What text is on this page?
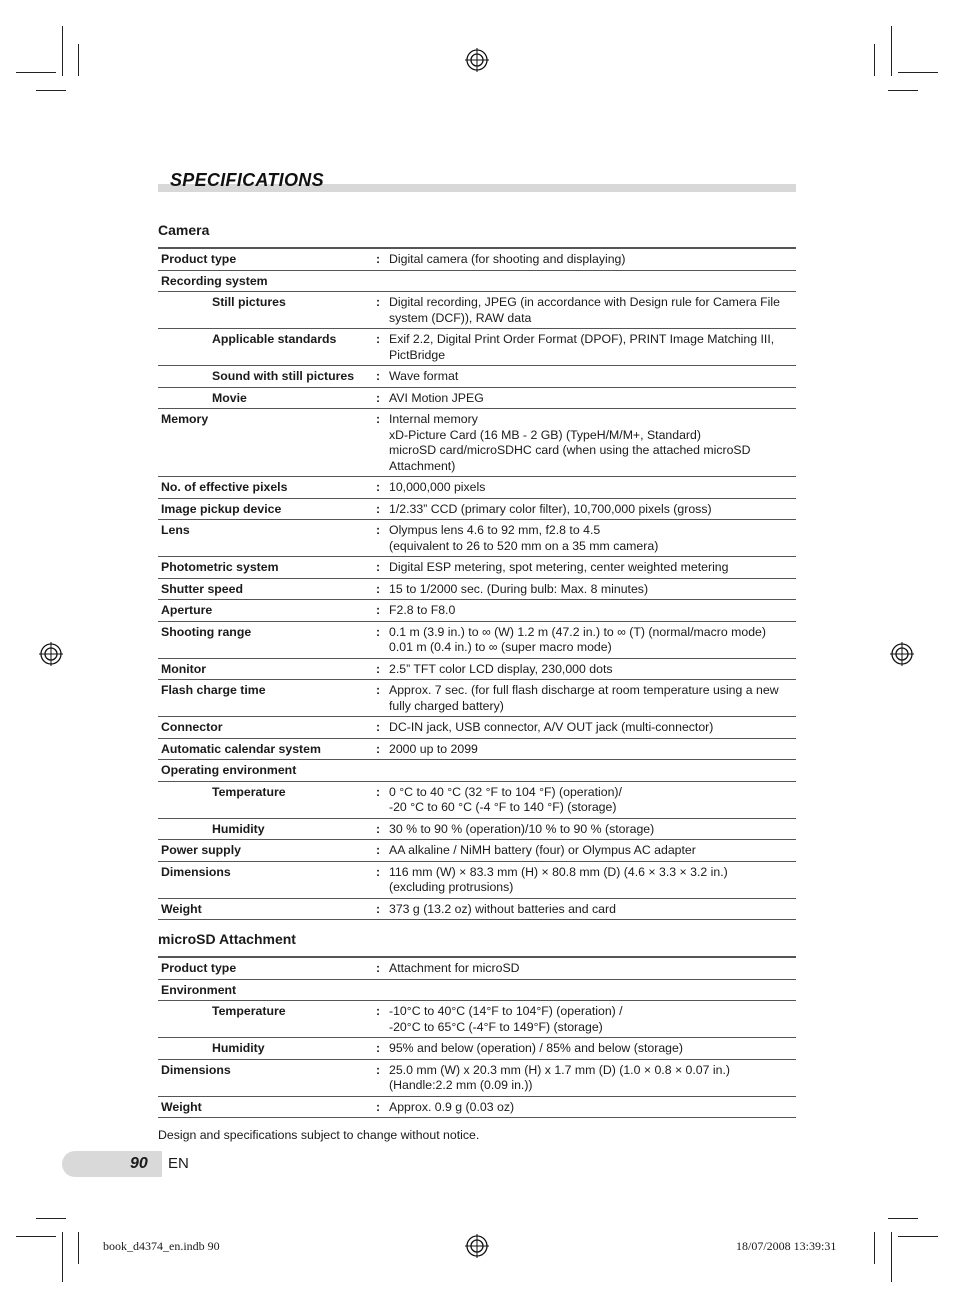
SPECIFICATIONS
Camera
Product type	:	Digital camera (for shooting and displaying)
Recording system		
Still pictures	:	Digital recording, JPEG (in accordance with Design rule for Camera File system (DCF)), RAW data
Applicable standards	:	Exif 2.2, Digital Print Order Format (DPOF), PRINT Image Matching III, PictBridge
Sound with still pictures	:	Wave format
Movie	:	AVI Motion JPEG
Memory	:	Internal memory
xD-Picture Card (16 MB - 2 GB) (TypeH/M/M+, Standard)
microSD card/microSDHC card (when using the attached microSD Attachment)
No. of effective pixels	:	10,000,000 pixels
Image pickup device	:	1/2.33” CCD (primary color filter), 10,700,000 pixels (gross)
Lens	:	Olympus lens 4.6 to 92 mm, f2.8 to 4.5
(equivalent to 26 to 520 mm on a 35 mm camera)
Photometric system	:	Digital ESP metering, spot metering, center weighted metering
Shutter speed	:	15 to 1/2000 sec. (During bulb: Max. 8 minutes)
Aperture	:	F2.8 to F8.0
Shooting range	:	0.1 m (3.9 in.) to ∞ (W) 1.2 m (47.2 in.) to ∞ (T) (normal/macro mode)
0.01 m (0.4 in.) to ∞ (super macro mode)
Monitor	:	2.5” TFT color LCD display, 230,000 dots
Flash charge time	:	Approx. 7 sec. (for full flash discharge at room temperature using a new fully charged battery)
Connector	:	DC-IN jack, USB connector, A/V OUT jack (multi-connector)
Automatic calendar system	:	2000 up to 2099
Operating environment		
Temperature	:	0 °C to 40 °C (32 °F to 104 °F) (operation)/
-20 °C to 60 °C (-4 °F to 140 °F) (storage)
Humidity	:	30 % to 90 % (operation)/10 % to 90 % (storage)
Power supply	:	AA alkaline / NiMH battery (four) or Olympus AC adapter
Dimensions	:	116 mm (W) × 83.3 mm (H) × 80.8 mm (D) (4.6 × 3.3 × 3.2 in.)
(excluding protrusions)
Weight	:	373 g (13.2 oz) without batteries and card
microSD Attachment
Product type	:	Attachment for microSD
Environment		
Temperature	:	-10°C to 40°C (14°F to 104°F) (operation) /
-20°C to 65°C (-4°F to 149°F) (storage)
Humidity	:	95% and below (operation) / 85% and below (storage)
Dimensions	:	25.0 mm (W) x 20.3 mm (H) x 1.7 mm (D) (1.0 × 0.8 × 0.07 in.)
(Handle:2.2 mm (0.09 in.))
Weight	:	Approx. 0.9 g (0.03 oz)
Design and specifications subject to change without notice.
90 EN
book_d4374_en.indb 90	18/07/2008 13:39:31
